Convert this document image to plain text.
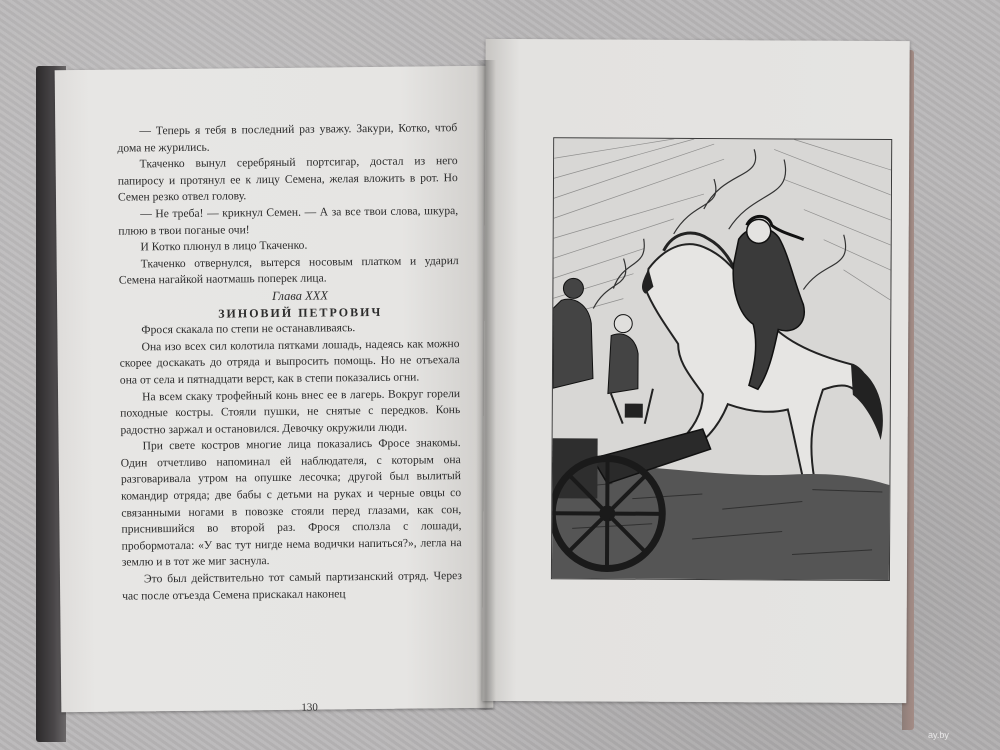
— Теперь я тебя в последний раз уважу. Закури, Котко, чтоб дома не журились.

Ткаченко вынул серебряный портсигар, достал из него папиросу и протянул ее к лицу Семена, желая вложить в рот. Но Семен резко отвел голову.

— Не треба! — крикнул Семен. — А за все твои слова, шкура, плюю в твои поганые очи!

И Котко плюнул в лицо Ткаченко.

Ткаченко отвернулся, вытерся носовым платком и ударил Семена нагайкой наотмашь поперек лица.

Глава XXX

ЗИНОВИЙ ПЕТРОВИЧ

Фрося скакала по степи не останавливаясь.

Она изо всех сил колотила пятками лошадь, надеясь как можно скорее доскакать до отряда и выпросить помощь. Но не отъехала она от села и пятнадцати верст, как в степи показались огни.

На всем скаку трофейный конь внес ее в лагерь. Вокруг горели походные костры. Стояли пушки, не снятые с передков. Конь радостно заржал и остановился. Девочку окружили люди.

При свете костров многие лица показались Фросе знакомы. Один отчетливо напоминал ей наблюдателя, с которым она разговаривала утром на опушке лесочка; другой был вылитый командир отряда; две бабы с детьми на руках и черные овцы со связанными ногами в повозке стояли перед глазами, как сон, приснившийся во второй раз. Фрося сползла с лошади, пробормотала: «У вас тут нигде нема водички напиться?», легла на землю и в тот же миг заснула.

Это был действительно тот самый партизанский отряд. Через час после отъезда Семена прискакал наконец

130
ay.by
